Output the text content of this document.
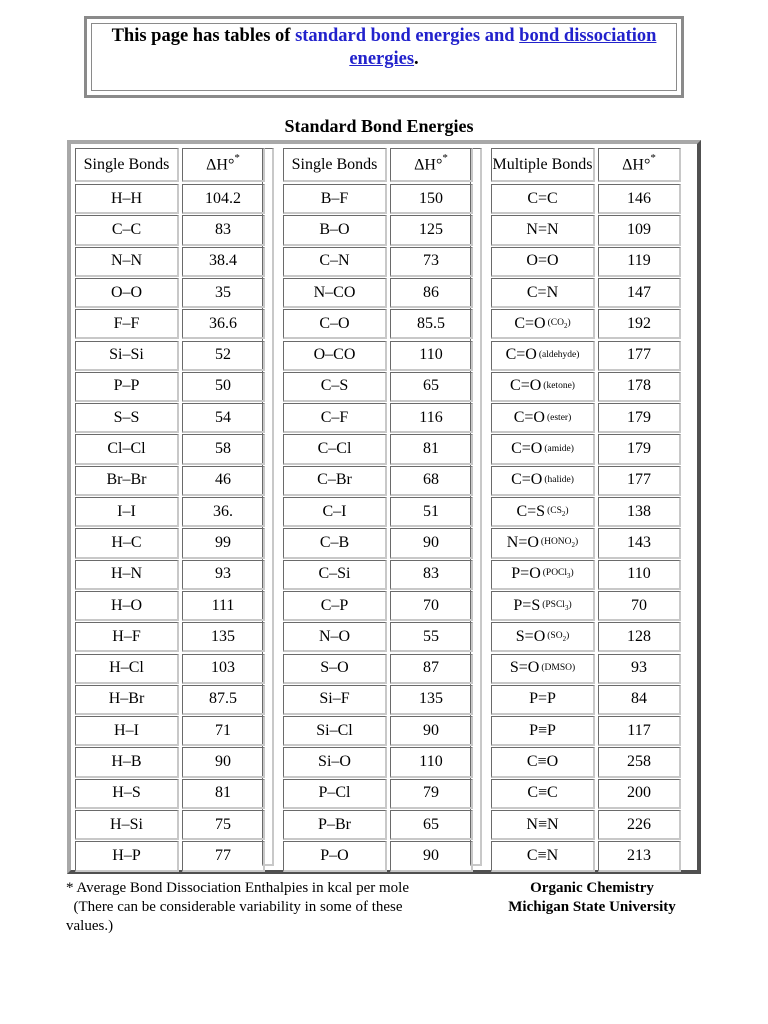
This page has tables of standard bond energies and bond dissociation energies.
Standard Bond Energies
Single Bonds ΔH°*
H–H	104.2
C–C	83
N–N	38.4
O–O	35
F–F	36.6
Si–Si	52
P–P	50
S–S	54
Cl–Cl	58
Br–Br	46
I–I	36.
H–C	99
H–N	93
H–O	111
H–F	135
H–Cl	103
H–Br	87.5
H–I	71
H–B	90
H–S	81
H–Si	75
H–P	77
Single Bonds ΔH°*
B–F	150
B–O	125
C–N	73
N–CO	86
C–O	85.5
O–CO	110
C–S	65
C–F	116
C–Cl	81
C–Br	68
C–I	51
C–B	90
C–Si	83
C–P	70
N–O	55
S–O	87
Si–F	135
Si–Cl	90
Si–O	110
P–Cl	79
P–Br	65
P–O	90
Multiple Bonds ΔH°*
C=C	146
N=N	109
O=O	119
C=N	147
C=O $(CO_2)$	192
C=O (aldehyde)	177
C=O (ketone)	178
C=O (ester)	179
C=O (amide)	179
C=O (halide)	177
C=S $(CS_2)$	138
N=O $(HONO_2)$	143
P=O (POCl$_3$)	110
P=S (PSCl$_3$)	70
S=O $(SO_2)$	128
S=O (DMSO)	93
P=P	84
P≡P	117
C≡O	258
C≡C	200
N≡N	226
C≡N	213
* Average Bond Dissociation Enthalpies in kcal per mole
(There can be considerable variability in some of these
values.)
Organic Chemistry
Michigan State University
